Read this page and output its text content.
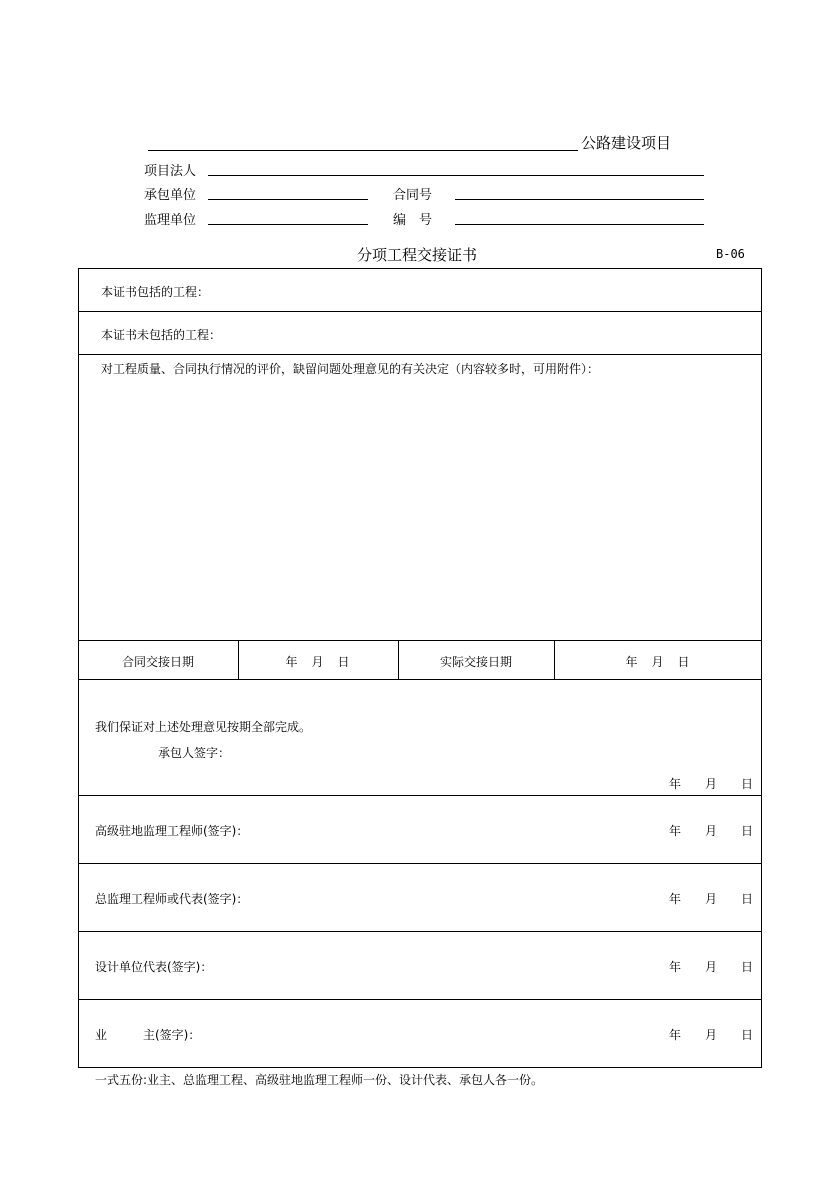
公路建设项目
项目法人
承包单位	合同号
监理单位	编　号
分项工程交接证书	B-06
本证书包括的工程：
本证书未包括的工程：
对工程质量、合同执行情况的评价，缺留问题处理意见的有关决定（内容较多时，可用附件）：
合同交接日期	年　月　日	实际交接日期	年　月　日
我们保证对上述处理意见按期全部完成。
承包人签字：
年　　月　　日
高级驻地监理工程师(签字)：	年　　月　　日
总监理工程师或代表(签字)：	年　　月　　日
设计单位代表(签字)：	年　　月　　日
业　　　主(签字)：	年　　月　　日
一式五份:业主、总监理工程、高级驻地监理工程师一份、设计代表、承包人各一份。
